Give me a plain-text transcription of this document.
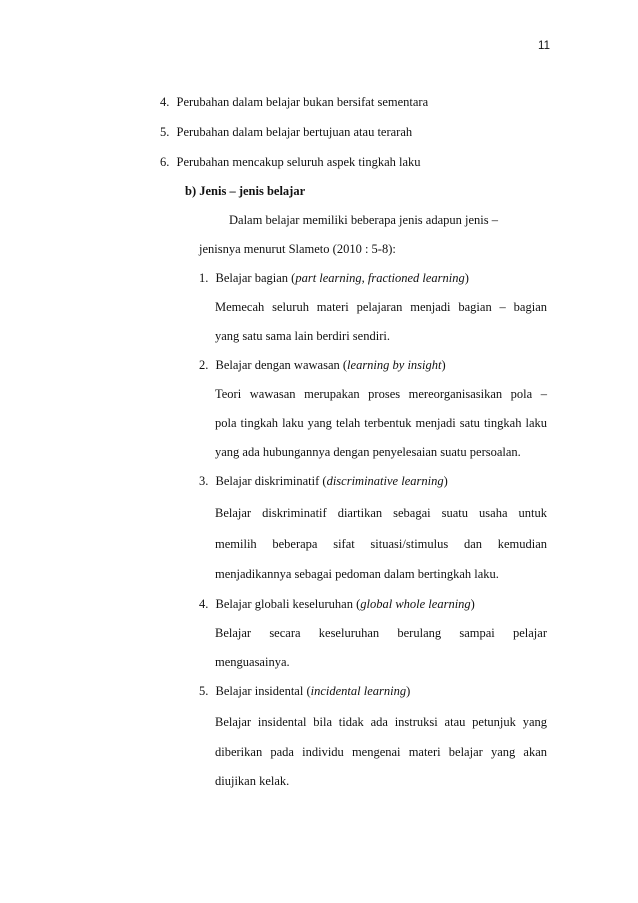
11
4. Perubahan dalam belajar bukan bersifat sementara
5. Perubahan dalam belajar bertujuan atau terarah
6. Perubahan mencakup seluruh aspek tingkah laku
b) Jenis – jenis belajar
Dalam belajar memiliki beberapa jenis adapun jenis –
jenisnya menurut Slameto (2010 : 5-8):
1. Belajar bagian (part learning, fractioned learning)
Memecah seluruh materi pelajaran menjadi bagian – bagian
yang satu sama lain berdiri sendiri.
2. Belajar dengan wawasan (learning by insight)
Teori wawasan merupakan proses mereorganisasikan pola –
pola tingkah laku yang telah terbentuk menjadi satu tingkah laku
yang ada hubungannya dengan penyelesaian suatu persoalan.
3. Belajar diskriminatif (discriminative learning)
Belajar diskriminatif diartikan sebagai suatu usaha untuk
memilih beberapa sifat situasi/stimulus dan kemudian
menjadikannya sebagai pedoman dalam bertingkah laku.
4. Belajar globali keseluruhan (global whole learning)
Belajar secara keseluruhan berulang sampai pelajar
menguasainya.
5. Belajar insidental (incidental learning)
Belajar insidental bila tidak ada instruksi atau petunjuk yang
diberikan pada individu mengenai materi belajar yang akan
diujikan kelak.
